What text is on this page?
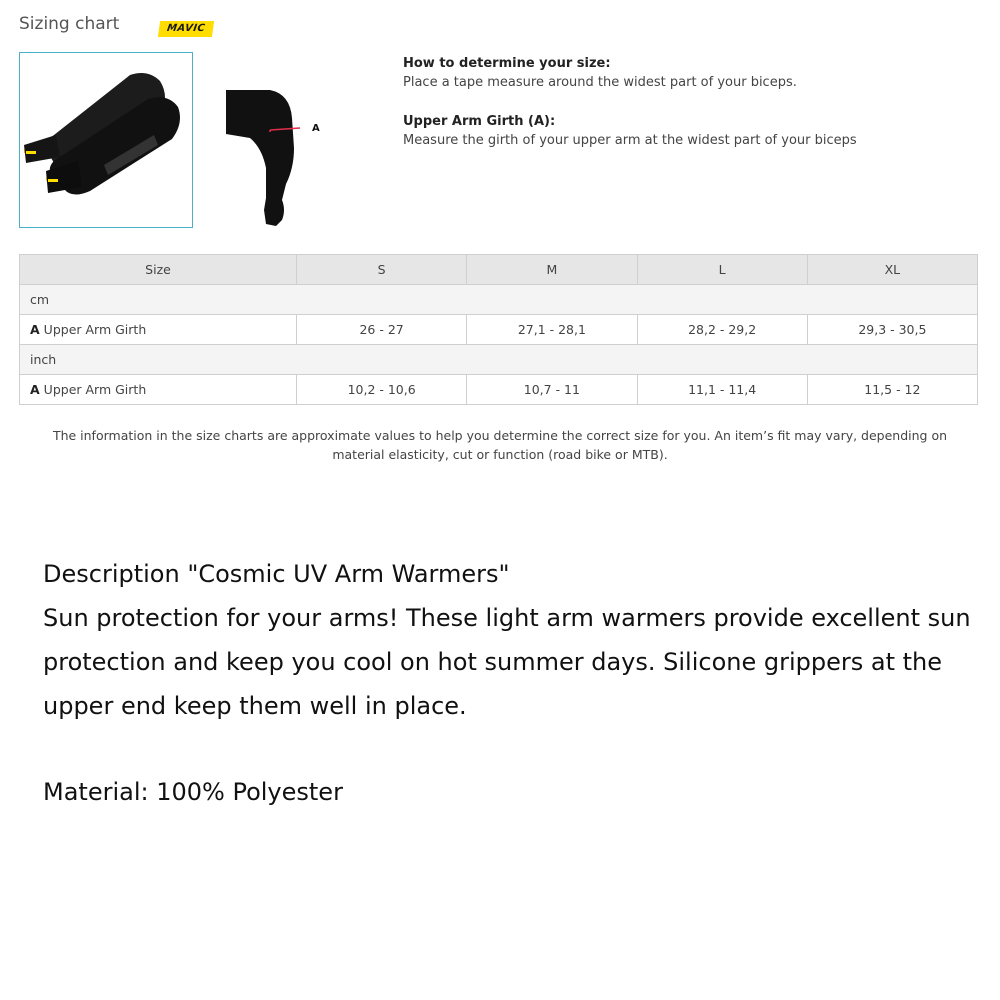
Sizing chart	MAVIC
A
How to determine your size:
Place a tape measure around the widest part of your biceps.
Upper Arm Girth (A):
Measure the girth of your upper arm at the widest part of your biceps
Size	S	M	L	XL
cm				
A Upper Arm Girth	26 - 27	27,1 - 28,1	28,2 - 29,2	29,3 - 30,5
inch				
A Upper Arm Girth	10,2 - 10,6	10,7 - 11	11,1 - 11,4	11,5 - 12
The information in the size charts are approximate values to help you determine the correct size for you. An item’s fit may vary, depending on
material elasticity, cut or function (road bike or MTB).

Description "Cosmic UV Arm Warmers"

Sun protection for your arms! These light arm warmers provide excellent sun protection and keep you cool on hot summer days. Silicone grippers at the upper end keep them well in place.

Material: 100% Polyester
